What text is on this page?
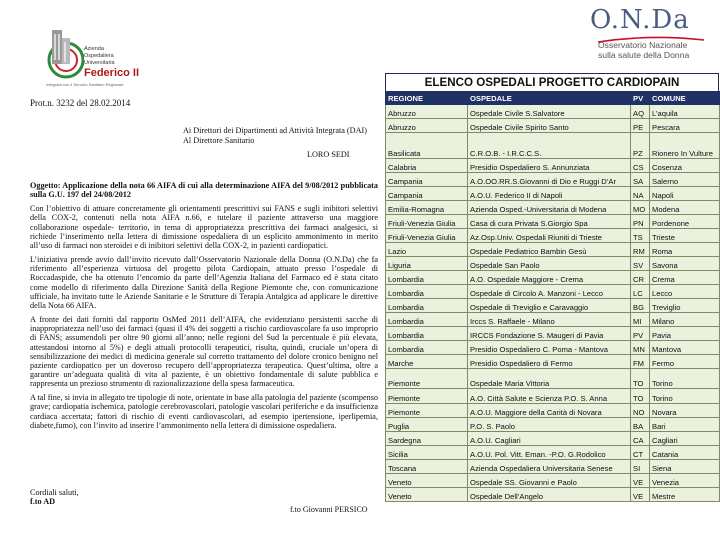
Azienda
Ospedaliera
Universitaria
Federico II
Integrata con il Servizio Sanitario Regionale
Prot.n. 3232 del 28.02.2014
Ai Direttori dei Dipartimenti ad Attività Integrata (DAI)
Al Direttore Sanitario
LORO SEDI

Oggetto: Applicazione della nota 66 AIFA di cui alla determinazione AIFA del 9/08/2012 pubblicata sulla G.U. 197 del 24/08/2012

Con l’obiettivo di attuare concretamente gli orientamenti prescrittivi sui FANS e sugli inibitori selettivi della COX-2, contenuti nella nota AIFA n.66, e tutelare il paziente attraverso una maggiore collaborazione ospedale- territorio, in tema di appropriatezza prescrittiva dei farmaci analgesici, si richiede l’inserimento nella lettera di dimissione ospedaliera di un esplicito ammonimento in merito all’uso di farmaci non steroidei e di inibitori selettivi della COX-2, in pazienti cardiopatici.

L’iniziativa prende avvio dall’invito ricevuto dall’Osservatorio Nazionale della Donna (O.N.Da) che fa riferimento all’esperienza virtuosa del progetto pilota Cardiopain, attuato presso l’ospedale di Roccadaspide, che ha ottenuto l’encomio da parte dell’Agenzia Italiana del Farmaco ed è stata citato come modello di riferimento dalla Direzione Sanità della Regione Piemonte che, con comunicazione ufficiale, ha invitato tutte le Aziende Sanitarie e le Strutture di Terapia Antalgica ad applicare le direttive della Nota 66 AIFA.

A fronte dei dati forniti dal rapporto OsMed 2011 dell’AIFA, che evidenziano persistenti sacche di inappropriatezza nell’uso dei farmaci (quasi il 4% dei soggetti a rischio cardiovascolare fa uso improprio di FANS; assumendoli per oltre 90 giorni all’anno; nelle regioni del Sud la percentuale è più elevata, attestandosi intorno al 5%) e degli attuali protocolli terapeutici, risulta, quindi, cruciale un’opera di sensibilizzazione dei medici di medicina generale sul corretto trattamento del dolore cronico benigno nel paziente cardiopatico per un doveroso recupero dell’appropriatezza terapeutica. Quest’ultima, oltre a garantire un’adeguata qualità di vita al paziente, è un obiettivo fondamentale di salute pubblica e rappresenta un prezioso strumento di razionalizzazione della spesa farmaceutica.

A tal fine, si invia in allegato tre tipologie di note, orientate in base alla patologia del paziente (scompenso grave; cardiopatia ischemica, patologie cerebrovascolari, patologie vascolari periferiche e da insufficienza cardiaca accertata; fattori di rischio di eventi cardiovascolari, ad esempio ipertensione, iperlipemia, diabete,fumo), con l’invito ad inserire l’ammonimento nella lettera di dimissione ospedaliera.

Cordiali saluti,
f.to AD
f.to Giovanni PERSICO
O.N.Da
Osservatorio Nazionale
sulla salute della Donna
ELENCO OSPEDALI PROGETTO CARDIOPAIN
REGIONE	OSPEDALE	PV	COMUNE
Abruzzo	Ospedale Civile S.Salvatore	AQ	L’aquila
Abruzzo	Ospedale Civile Spirito Santo	PE	Pescara
Basilicata	C.R.O.B. - I.R.C.C.S.	PZ	Rionero In Vulture
Calabria	Presidio Ospedaliero S. Annunziata	CS	Cosenza
Campania	A.O.OO.RR.S.Giovanni di Dio e Ruggi D’Ar	SA	Salerno
Campania	A.O.U. Federico II di Napoli	NA	Napoli
Emilia-Romagna	Azienda Osped.-Universitaria di Modena	MO	Modena
Friuli-Venezia Giulia	Casa di cura Privata S.Giorgio Spa	PN	Pordenone
Friuli-Venezia Giulia	Az.Osp.Univ. Ospedali Riuniti di Trieste	TS	Trieste
Lazio	Ospedale Pediatrico Bambin Gesù	RM	Roma
Liguria	Ospedale San Paolo	SV	Savona
Lombardia	A.O. Ospedale Maggiore - Crema	CR	Crema
Lombardia	Ospedale di Circolo A. Manzoni - Lecco	LC	Lecco
Lombardia	Ospedale di Treviglio e Caravaggio	BG	Treviglio
Lombardia	Irccs S. Raffaele - Milano	MI	Milano
Lombardia	IRCCS Fondazione S. Maugeri di Pavia	PV	Pavia
Lombardia	Presidio Ospedaliero C. Poma - Mantova	MN	Mantova
Marche	Presidio Ospedaliero di Fermo	FM	Fermo
Piemonte	Ospedale Maria Vittoria	TO	Torino
Piemonte	A.O. Città Salute e Scienza P.O. S. Anna	TO	Torino
Piemonte	A.O.U. Maggiore della Carità di Novara	NO	Novara
Puglia	P.O. S. Paolo	BA	Bari
Sardegna	A.O.U. Cagliari	CA	Cagliari
Sicilia	A.O.U. Pol. Vitt. Eman. -P.O. G.Rodolico	CT	Catania
Toscana	Azienda Ospedaliera Universitaria Senese	SI	Siena
Veneto	Ospedale SS. Giovanni e Paolo	VE	Venezia
Veneto	Ospedale Dell’Angelo	VE	Mestre
